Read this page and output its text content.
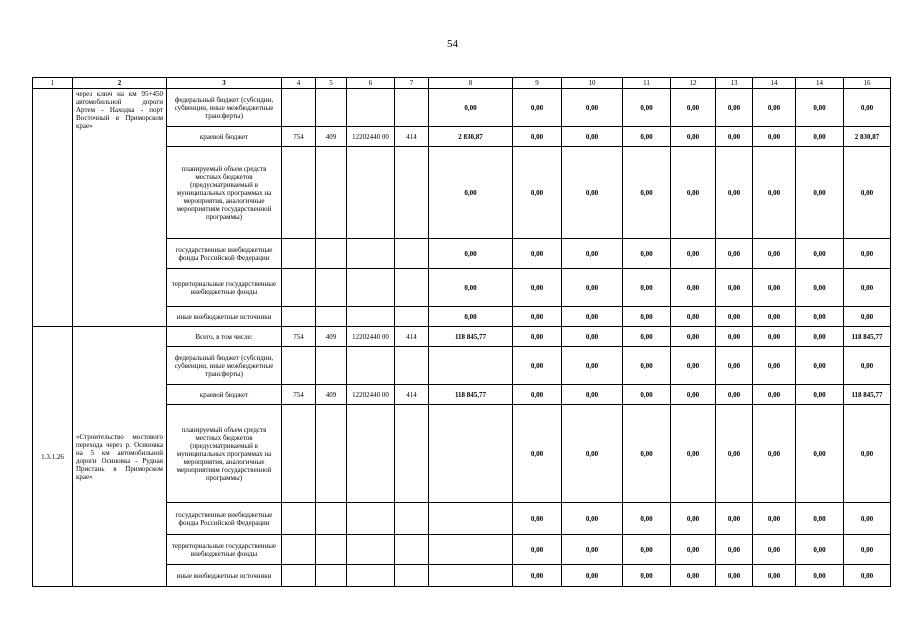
54
1	2	3	4	5	6	7	8	9	10	11	12	13	14	14	16
	через ключ на км 95+450 автомобильной дороги Артем - Находка - порт Восточный в Приморском крае»	федеральный бюджет (субсидии, субвенции, иные межбюджетные трансферты)					0,00	0,00	0,00	0,00	0,00	0,00	0,00	0,00	0,00
		краевой бюджет	754	409	12202440 00	414	2 830,87	0,00	0,00	0,00	0,00	0,00	0,00	0,00	2 830,87
		планируемый объем средств местных бюджетов (предусматриваемый в муниципальных программах на мероприятия, аналогичные мероприятиям государственной программы)					0,00	0,00	0,00	0,00	0,00	0,00	0,00	0,00	0,00
		государственные внебюджетные фонды Российской Федерации					0,00	0,00	0,00	0,00	0,00	0,00	0,00	0,00	0,00
		территориальные государственные внебюджетные фонды					0,00	0,00	0,00	0,00	0,00	0,00	0,00	0,00	0,00
		иные внебюджетные источники					0,00	0,00	0,00	0,00	0,00	0,00	0,00	0,00	0,00
1.3.1.26	«Строительство мостового перехода через р. Осиновка на 5 км автомобильной дороги Осиновка - Рудная Пристань в Приморском крае»	Всего, в том числе:	754	409	12202440 00	414	118 845,77	0,00	0,00	0,00	0,00	0,00	0,00	0,00	118 845,77
		федеральный бюджет (субсидии, субвенции, иные межбюджетные трансферты)						0,00	0,00	0,00	0,00	0,00	0,00	0,00	0,00
		краевой бюджет	754	409	12202440 00	414	118 845,77	0,00	0,00	0,00	0,00	0,00	0,00	0,00	118 845,77
		планируемый объем средств местных бюджетов (предусматриваемый в муниципальных программах на мероприятия, аналогичные мероприятиям государственной программы)						0,00	0,00	0,00	0,00	0,00	0,00	0,00	0,00
		государственные внебюджетные фонды Российской Федерации						0,00	0,00	0,00	0,00	0,00	0,00	0,00	0,00
		территориальные государственные внебюджетные фонды						0,00	0,00	0,00	0,00	0,00	0,00	0,00	0,00
		иные внебюджетные источники						0,00	0,00	0,00	0,00	0,00	0,00	0,00	0,00
